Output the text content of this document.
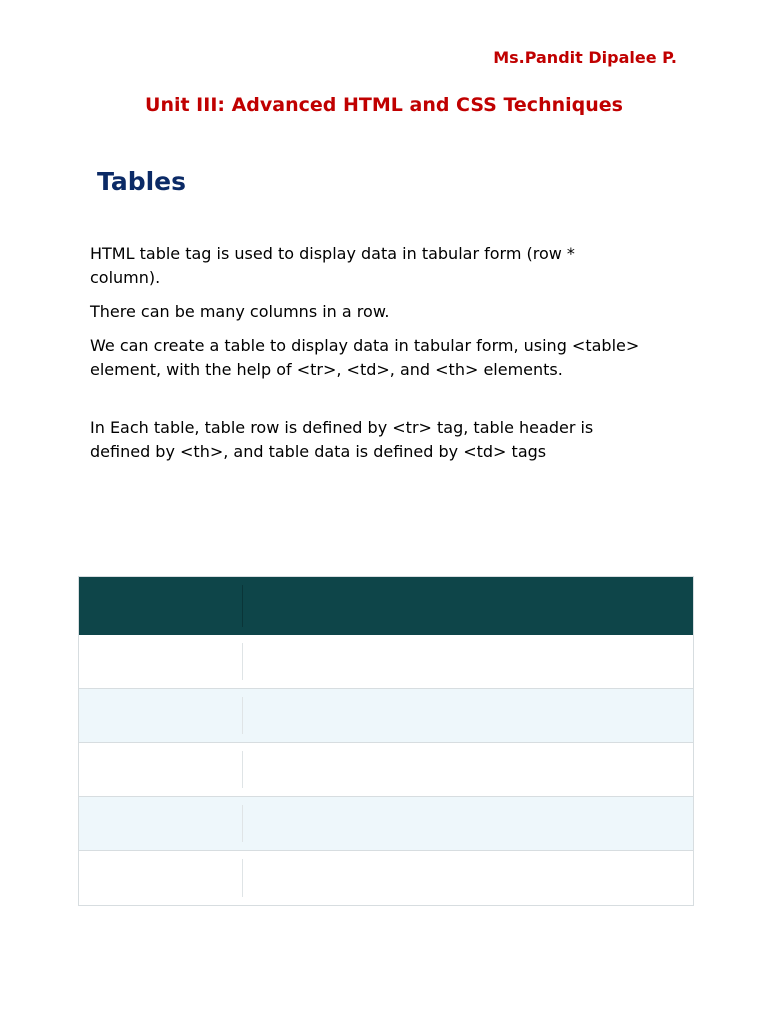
Ms.Pandit Dipalee P.
Unit III: Advanced HTML and CSS Techniques
Tables

HTML table tag is used to display data in tabular form (row * column).

There can be many columns in a row.

We can create a table to display data in tabular form, using <table> element, with the help of <tr>, <td>, and <th> elements.

In Each table, table row is defined by <tr> tag, table header is defined by <th>, and table data is defined by <td> tags
